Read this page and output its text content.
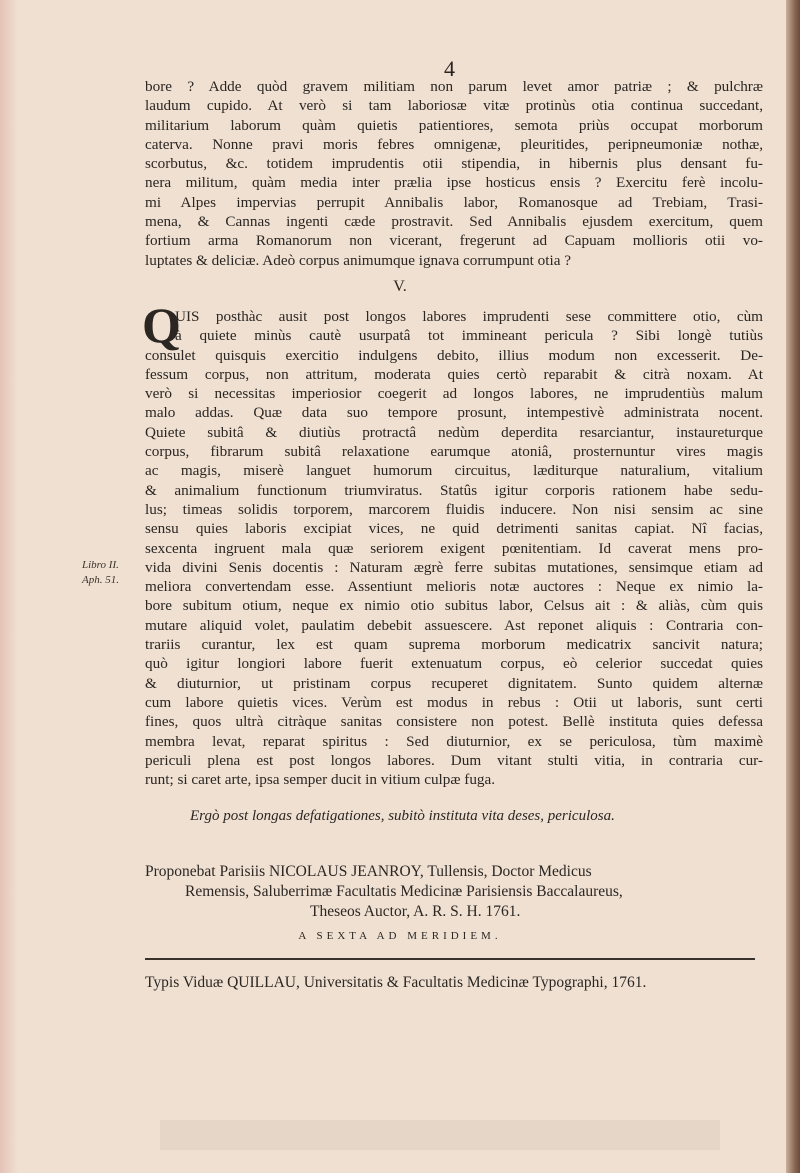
4
bore ? Adde quòd gravem militiam non parum levet amor patriæ ; & pulchræ
laudum cupido. At verò si tam laboriosæ vitæ protinùs otia continua succedant,
militarium laborum quàm quietis patientiores, semota priùs occupat morborum
caterva. Nonne pravi moris febres omnigenæ, pleuritides, peripneumoniæ nothæ,
scorbutus, &c. totidem imprudentis otii stipendia, in hibernis plus densant fu-
nera militum, quàm media inter prælia ipse hosticus ensis ? Exercitu ferè incolu-
mi Alpes impervias perrupit Annibalis labor, Romanosque ad Trebiam, Trasi-
mena, & Cannas ingenti cæde prostravit. Sed Annibalis ejusdem exercitum, quem
fortium arma Romanorum non vicerant, fregerunt ad Capuam mollioris otii vo-
luptates & deliciæ. Adeò corpus animumque ignava corrumpunt otia ?
V.
Q
UIS posthàc ausit post longos labores imprudenti sese committere otio, cùm
à quiete minùs cautè usurpatâ tot immineant pericula ? Sibi longè tutiùs
consulet quisquis exercitio indulgens debito, illius modum non excesserit. De-
fessum corpus, non attritum, moderata quies certò reparabit & citrà noxam. At
verò si necessitas imperiosior coegerit ad longos labores, ne imprudentiùs malum
malo addas. Quæ data suo tempore prosunt, intempestivè administrata nocent.
Quiete subitâ & diutiùs protractâ nedùm deperdita resarciantur, instaureturque
corpus, fibrarum subitâ relaxatione earumque atoniâ, prosternuntur vires magis
ac magis, miserè languet humorum circuitus, læditurque naturalium, vitalium
& animalium functionum triumviratus. Statûs igitur corporis rationem habe sedu-
lus; timeas solidis torporem, marcorem fluidis inducere. Non nisi sensim ac sine
sensu quies laboris excipiat vices, ne quid detrimenti sanitas capiat. Nî facias,
sexcenta ingruent mala quæ seriorem exigent pœnitentiam. Id caverat mens pro-
vida divini Senis docentis : Naturam ægrè ferre subitas mutationes, sensimque etiam ad
meliora convertendam esse. Assentiunt melioris notæ auctores : Neque ex nimio la-
bore subitum otium, neque ex nimio otio subitus labor, Celsus ait : & aliàs, cùm quis
mutare aliquid volet, paulatim debebit assuescere. Ast reponet aliquis : Contraria con-
trariis curantur, lex est quam suprema morborum medicatrix sancivit natura;
quò igitur longiori labore fuerit extenuatum corpus, eò celerior succedat quies
& diuturnior, ut pristinam corpus recuperet dignitatem. Sunto quidem alternæ
cum labore quietis vices. Verùm est modus in rebus : Otii ut laboris, sunt certi
fines, quos ultrà citràque sanitas consistere non potest. Bellè instituta quies defessa
membra levat, reparat spiritus : Sed diuturnior, ex se periculosa, tùm maximè
periculi plena est post longos labores. Dum vitant stulti vitia, in contraria cur-
runt; si caret arte, ipsa semper ducit in vitium culpæ fuga.
Libro II.
Aph. 51.
Ergò post longas defatigationes, subitò instituta vita deses, periculosa.
Proponebat Parisiis NICOLAUS JEANROY, Tullensis, Doctor Medicus
Remensis, Saluberrimæ Facultatis Medicinæ Parisiensis Baccalaureus,
Theseos Auctor, A. R. S. H. 1761.
A SEXTA AD MERIDIEM.
Typis Viduæ QUILLAU, Universitatis & Facultatis Medicinæ Typographi, 1761.
